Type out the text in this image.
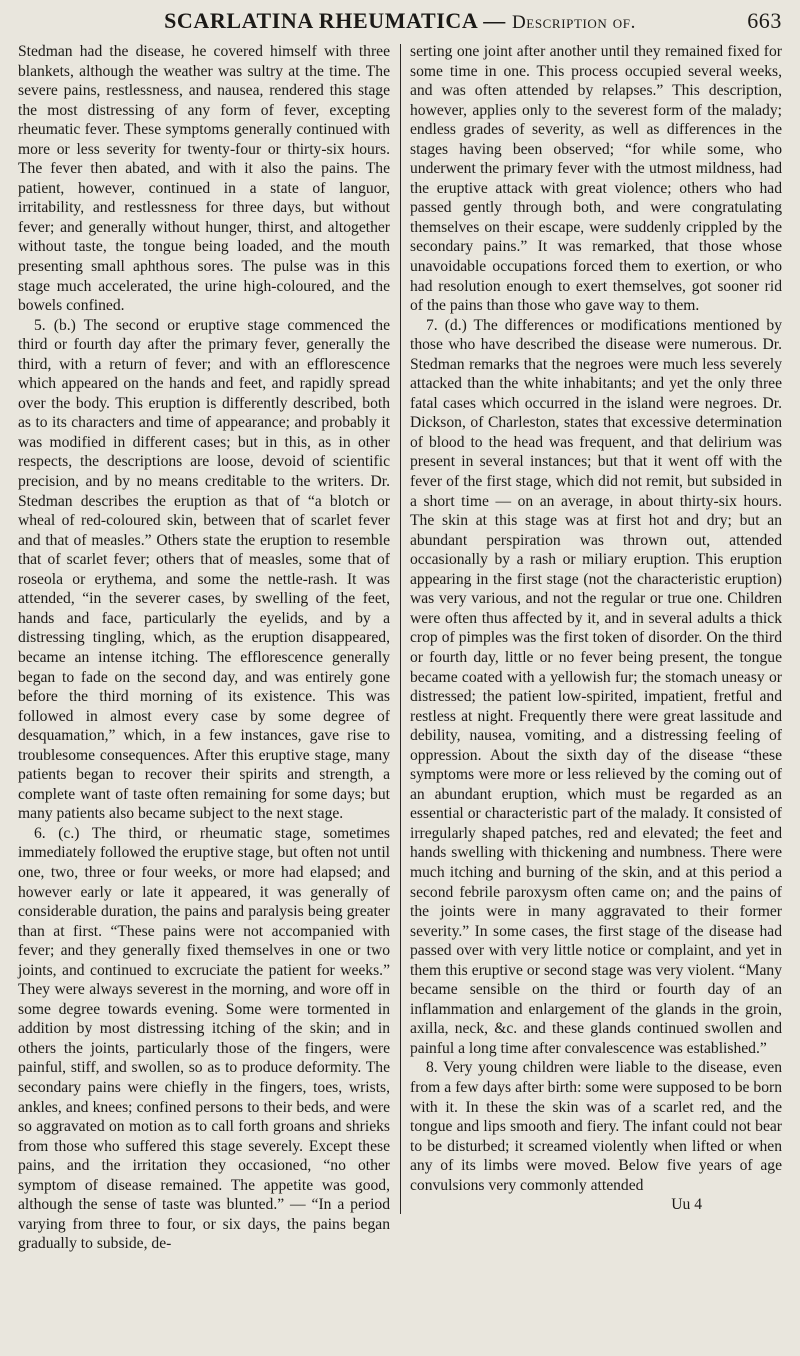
SCARLATINA RHEUMATICA — Description of.	663

Stedman had the disease, he covered himself with three blankets, although the weather was sultry at the time. The severe pains, restlessness, and nausea, rendered this stage the most distressing of any form of fever, excepting rheumatic fever. These symptoms generally continued with more or less severity for twenty-four or thirty-six hours. The fever then abated, and with it also the pains. The patient, however, continued in a state of languor, irritability, and restlessness for three days, but without fever; and generally without hunger, thirst, and altogether without taste, the tongue being loaded, and the mouth presenting small aphthous sores. The pulse was in this stage much accelerated, the urine high-coloured, and the bowels confined.

5. (b.) The second or eruptive stage commenced the third or fourth day after the primary fever, generally the third, with a return of fever; and with an efflorescence which appeared on the hands and feet, and rapidly spread over the body. This eruption is differently described, both as to its characters and time of appearance; and probably it was modified in different cases; but in this, as in other respects, the descriptions are loose, devoid of scientific precision, and by no means creditable to the writers. Dr. Stedman describes the eruption as that of “a blotch or wheal of red-coloured skin, between that of scarlet fever and that of measles.” Others state the eruption to resemble that of scarlet fever; others that of measles, some that of roseola or erythema, and some the nettle-rash. It was attended, “in the severer cases, by swelling of the feet, hands and face, particularly the eyelids, and by a distressing tingling, which, as the eruption disappeared, became an intense itching. The efflorescence generally began to fade on the second day, and was entirely gone before the third morning of its existence. This was followed in almost every case by some degree of desquamation,” which, in a few instances, gave rise to troublesome consequences. After this eruptive stage, many patients began to recover their spirits and strength, a complete want of taste often remaining for some days; but many patients also became subject to the next stage.

6. (c.) The third, or rheumatic stage, sometimes immediately followed the eruptive stage, but often not until one, two, three or four weeks, or more had elapsed; and however early or late it appeared, it was generally of considerable duration, the pains and paralysis being greater than at first. “These pains were not accompanied with fever; and they generally fixed themselves in one or two joints, and continued to excruciate the patient for weeks.” They were always severest in the morning, and wore off in some degree towards evening. Some were tormented in addition by most distressing itching of the skin; and in others the joints, particularly those of the fingers, were painful, stiff, and swollen, so as to produce deformity. The secondary pains were chiefly in the fingers, toes, wrists, ankles, and knees; confined persons to their beds, and were so aggravated on motion as to call forth groans and shrieks from those who suffered this stage severely. Except these pains, and the irritation they occasioned, “no other symptom of disease remained. The appetite was good, although the sense of taste was blunted.” — “In a period varying from three to four, or six days, the pains began gradually to subside, de-

serting one joint after another until they remained fixed for some time in one. This process occupied several weeks, and was often attended by relapses.” This description, however, applies only to the severest form of the malady; endless grades of severity, as well as differences in the stages having been observed; “for while some, who underwent the primary fever with the utmost mildness, had the eruptive attack with great violence; others who had passed gently through both, and were congratulating themselves on their escape, were suddenly crippled by the secondary pains.” It was remarked, that those whose unavoidable occupations forced them to exertion, or who had resolution enough to exert themselves, got sooner rid of the pains than those who gave way to them.

7. (d.) The differences or modifications mentioned by those who have described the disease were numerous. Dr. Stedman remarks that the negroes were much less severely attacked than the white inhabitants; and yet the only three fatal cases which occurred in the island were negroes. Dr. Dickson, of Charleston, states that excessive determination of blood to the head was frequent, and that delirium was present in several instances; but that it went off with the fever of the first stage, which did not remit, but subsided in a short time — on an average, in about thirty-six hours. The skin at this stage was at first hot and dry; but an abundant perspiration was thrown out, attended occasionally by a rash or miliary eruption. This eruption appearing in the first stage (not the characteristic eruption) was very various, and not the regular or true one. Children were often thus affected by it, and in several adults a thick crop of pimples was the first token of disorder. On the third or fourth day, little or no fever being present, the tongue became coated with a yellowish fur; the stomach uneasy or distressed; the patient low-spirited, impatient, fretful and restless at night. Frequently there were great lassitude and debility, nausea, vomiting, and a distressing feeling of oppression. About the sixth day of the disease “these symptoms were more or less relieved by the coming out of an abundant eruption, which must be regarded as an essential or characteristic part of the malady. It consisted of irregularly shaped patches, red and elevated; the feet and hands swelling with thickening and numbness. There were much itching and burning of the skin, and at this period a second febrile paroxysm often came on; and the pains of the joints were in many aggravated to their former severity.” In some cases, the first stage of the disease had passed over with very little notice or complaint, and yet in them this eruptive or second stage was very violent. “Many became sensible on the third or fourth day of an inflammation and enlargement of the glands in the groin, axilla, neck, &c. and these glands continued swollen and painful a long time after convalescence was established.”

8. Very young children were liable to the disease, even from a few days after birth: some were supposed to be born with it. In these the skin was of a scarlet red, and the tongue and lips smooth and fiery. The infant could not bear to be disturbed; it screamed violently when lifted or when any of its limbs were moved. Below five years of age convulsions very commonly attended

Uu 4
